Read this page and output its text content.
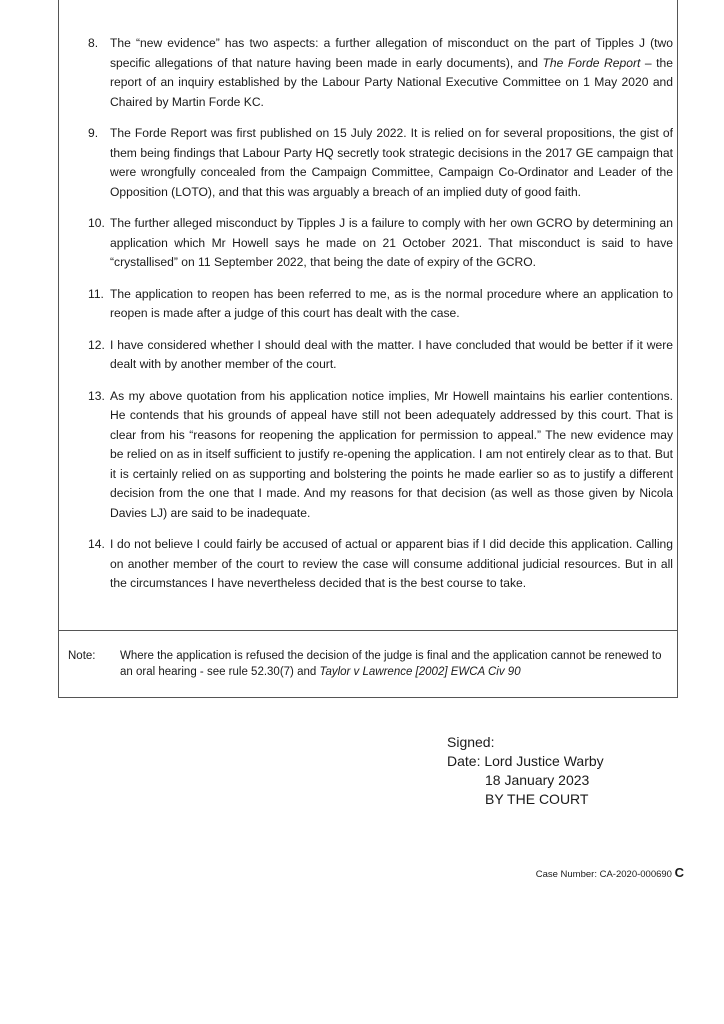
8. The “new evidence” has two aspects: a further allegation of misconduct on the part of Tipples J (two specific allegations of that nature having been made in early documents), and The Forde Report – the report of an inquiry established by the Labour Party National Executive Committee on 1 May 2020 and Chaired by Martin Forde KC.
9. The Forde Report was first published on 15 July 2022. It is relied on for several propositions, the gist of them being findings that Labour Party HQ secretly took strategic decisions in the 2017 GE campaign that were wrongfully concealed from the Campaign Committee, Campaign Co-Ordinator and Leader of the Opposition (LOTO), and that this was arguably a breach of an implied duty of good faith.
10. The further alleged misconduct by Tipples J is a failure to comply with her own GCRO by determining an application which Mr Howell says he made on 21 October 2021. That misconduct is said to have “crystallised” on 11 September 2022, that being the date of expiry of the GCRO.
11. The application to reopen has been referred to me, as is the normal procedure where an application to reopen is made after a judge of this court has dealt with the case.
12. I have considered whether I should deal with the matter. I have concluded that would be better if it were dealt with by another member of the court.
13. As my above quotation from his application notice implies, Mr Howell maintains his earlier contentions. He contends that his grounds of appeal have still not been adequately addressed by this court. That is clear from his “reasons for reopening the application for permission to appeal.” The new evidence may be relied on as in itself sufficient to justify re-opening the application. I am not entirely clear as to that. But it is certainly relied on as supporting and bolstering the points he made earlier so as to justify a different decision from the one that I made. And my reasons for that decision (as well as those given by Nicola Davies LJ) are said to be inadequate.
14. I do not believe I could fairly be accused of actual or apparent bias if I did decide this application. Calling on another member of the court to review the case will consume additional judicial resources. But in all the circumstances I have nevertheless decided that is the best course to take.
Note: Where the application is refused the decision of the judge is final and the application cannot be renewed to an oral hearing - see rule 52.30(7) and Taylor v Lawrence [2002] EWCA Civ 90
Signed:
Date: Lord Justice Warby
18 January 2023
BY THE COURT
Case Number: CA-2020-000690 C
